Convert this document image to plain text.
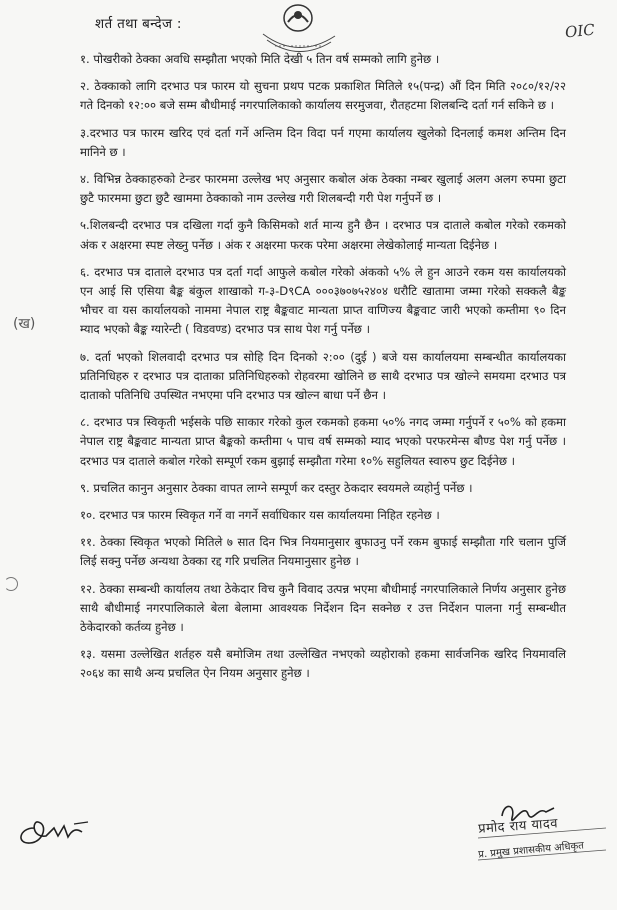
शर्त तथा बन्देज :	OIC
(ख)

१. पोखरीको ठेक्का अवधि सम्झौता भएको मिति देखी ५ तिन वर्ष सम्मको लागि हुनेछ ।

२. ठेक्काको लागि दरभाउ पत्र फारम यो सुचना प्रथप पटक प्रकाशित मितिले १५(पन्द्र) औं दिन मिति २०८०/१२/२२ गते दिनको १२:०० बजे सम्म बौधीमाई नगरपालिकाको कार्यालय सरमुजवा, रौतहटमा शिलबन्दि दर्ता गर्न सकिने छ ।

३.दरभाउ पत्र फारम खरिद एवं दर्ता गर्ने अन्तिम दिन विदा पर्न गएमा कार्यालय खुलेको दिनलाई कमश अन्तिम दिन मानिने छ ।

४. विभिन्न ठेक्काहरुको टेन्डर फारममा उल्लेख भए अनुसार कबोल अंक ठेक्का नम्बर खुलाई अलग अलग रुपमा छुटा छुटै फारममा छुटा छुटै खाममा ठेक्काको नाम उल्लेख गरी शिलबन्दी गरी पेश गर्नुपर्ने छ ।

५.शिलबन्दी दरभाउ पत्र दखिला गर्दा कुनै किसिमको शर्त मान्य हुनै छैन । दरभाउ पत्र दाताले कबोल गरेको रकमको अंक र अक्षरमा स्पष्ट लेख्नु पर्नेछ । अंक र अक्षरमा फरक परेमा अक्षरमा लेखेकोलाई मान्यता दिईनेछ ।

६. दरभाउ पत्र दाताले दरभाउ पत्र दर्ता गर्दा आफुले कबोल गरेको अंकको ५% ले हुन आउने रकम यस कार्यालयको एन आई सि एसिया बैङ्क बंकुल शाखाको ग-३-D९CA ०००३७०७५२४०४ धरौटि खातामा जम्मा गरेको सक्कलै बैङ्क भौचर वा यस कार्यालयको नाममा नेपाल राष्ट्र बैङ्कवाट मान्यता प्राप्त वाणिज्य बैङ्कवाट जारी भएको कम्तीमा ९० दिन म्याद भएको बैङ्क ग्यारेन्टी ( विडवण्ड) दरभाउ पत्र साथ पेश गर्नु पर्नेछ ।

७. दर्ता भएको शिलवादी दरभाउ पत्र सोहि दिन दिनको २:०० (दुई ) बजे यस कार्यालयमा सम्बन्धीत कार्यालयका प्रतिनिधिहरु र दरभाउ पत्र दाताका प्रतिनिधिहरुको रोहवरमा खोलिने छ साथै दरभाउ पत्र खोल्ने समयमा दरभाउ पत्र दाताको पतिनिधि उपस्थित नभएमा पनि दरभाउ पत्र खोल्न बाधा पर्ने छैन ।

८. दरभाउ पत्र स्विकृती भईसके पछि साकार गरेको कुल रकमको हकमा ५०% नगद जम्मा गर्नुपर्ने र ५०% को हकमा नेपाल राष्ट्र बैङ्कवाट मान्यता प्राप्त बैङ्कको कम्तीमा ५ पाच वर्ष सम्मको म्याद भएको परफरमेन्स बौण्ड पेश गर्नु पर्नेछ । दरभाउ पत्र दाताले कबोल गरेको सम्पूर्ण रकम बुझाई सम्झौता गरेमा १०% सहुलियत स्वारुप छुट दिईनेछ ।

९. प्रचलित कानुन अनुसार ठेक्का वापत लाग्ने सम्पूर्ण कर दस्तुर ठेकदार स्वयमले व्यहोर्नु पर्नेछ ।

१०. दरभाउ पत्र फारम स्विकृत गर्ने वा नगर्ने सर्वाधिकार यस कार्यालयमा निहित रहनेछ ।

११. ठेक्का स्विकृत भएको मितिले ७ सात दिन भित्र नियमानुसार बुफाउनु पर्ने रकम बुफाई सम्झौता गरि चलान पुर्जि लिई सक्नु पर्नेछ अन्यथा ठेक्का रद्द गरि प्रचलित नियमानुसार हुनेछ ।

१२. ठेक्का सम्बन्धी कार्यालय तथा ठेकेदार विच कुनै विवाद उत्पन्न भएमा बौधीमाई नगरपालिकाले निर्णय अनुसार हुनेछ साथै बौधीमाई नगरपालिकाले बेला बेलामा आवश्यक निर्देशन दिन सक्नेछ र उत्त निर्देशन पालना गर्नु सम्बन्धीत ठेकेदारको कर्तव्य हुनेछ ।

१३. यसमा उल्लेखित शर्तहरु यसै बमोजिम तथा उल्लेखित नभएको व्यहोराको हकमा सार्वजनिक खरिद नियमावलि २०६४ का साथै अन्य प्रचलित ऐन नियम अनुसार हुनेछ ।

प्रमोद राय यादव
प्र. प्रमुख प्रशासकीय अधिकृत
